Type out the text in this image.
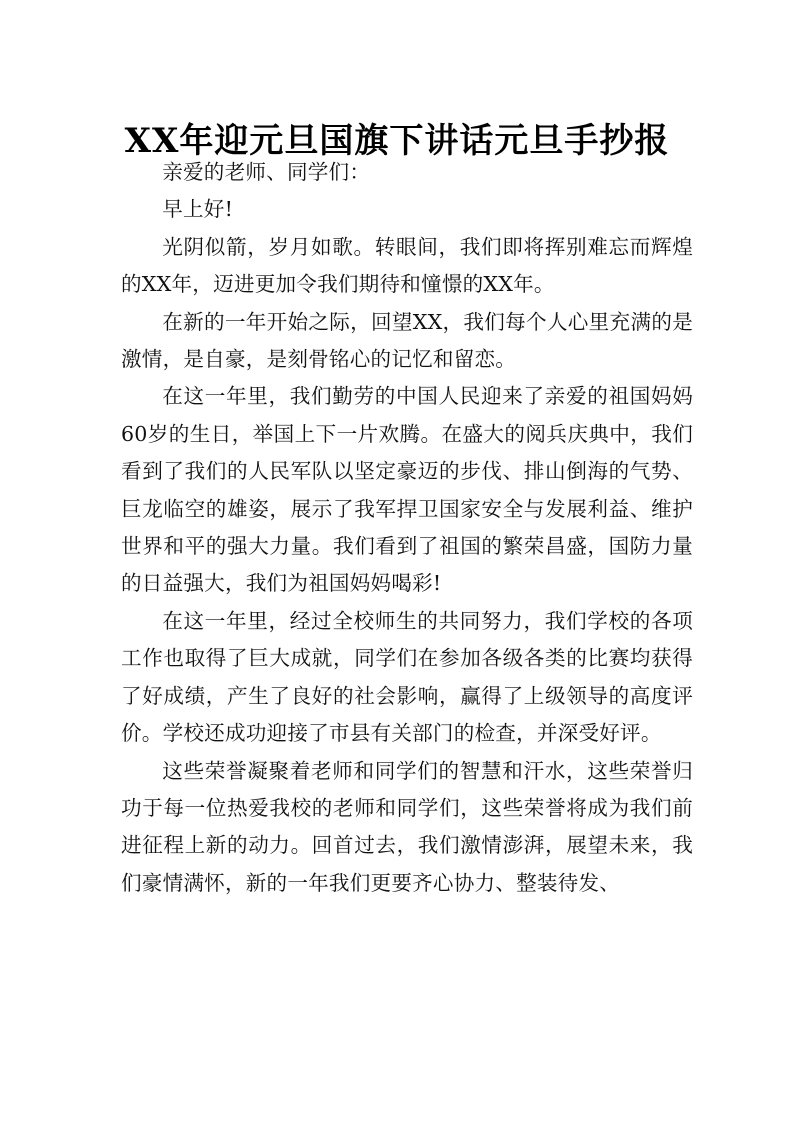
XX年迎元旦国旗下讲话元旦手抄报

亲爱的老师、同学们：

早上好!

光阴似箭，岁月如歌。转眼间，我们即将挥别难忘而辉煌的XX年，迈进更加令我们期待和憧憬的XX年。

在新的一年开始之际，回望XX，我们每个人心里充满的是激情，是自豪，是刻骨铭心的记忆和留恋。

在这一年里，我们勤劳的中国人民迎来了亲爱的祖国妈妈60岁的生日，举国上下一片欢腾。在盛大的阅兵庆典中，我们看到了我们的人民军队以坚定豪迈的步伐、排山倒海的气势、巨龙临空的雄姿，展示了我军捍卫国家安全与发展利益、维护世界和平的强大力量。我们看到了祖国的繁荣昌盛，国防力量的日益强大，我们为祖国妈妈喝彩!

在这一年里，经过全校师生的共同努力，我们学校的各项工作也取得了巨大成就，同学们在参加各级各类的比赛均获得了好成绩，产生了良好的社会影响，赢得了上级领导的高度评价。学校还成功迎接了市县有关部门的检查，并深受好评。

这些荣誉凝聚着老师和同学们的智慧和汗水，这些荣誉归功于每一位热爱我校的老师和同学们，这些荣誉将成为我们前进征程上新的动力。回首过去，我们激情澎湃，展望未来，我们豪情满怀，新的一年我们更要齐心协力、整装待发、
